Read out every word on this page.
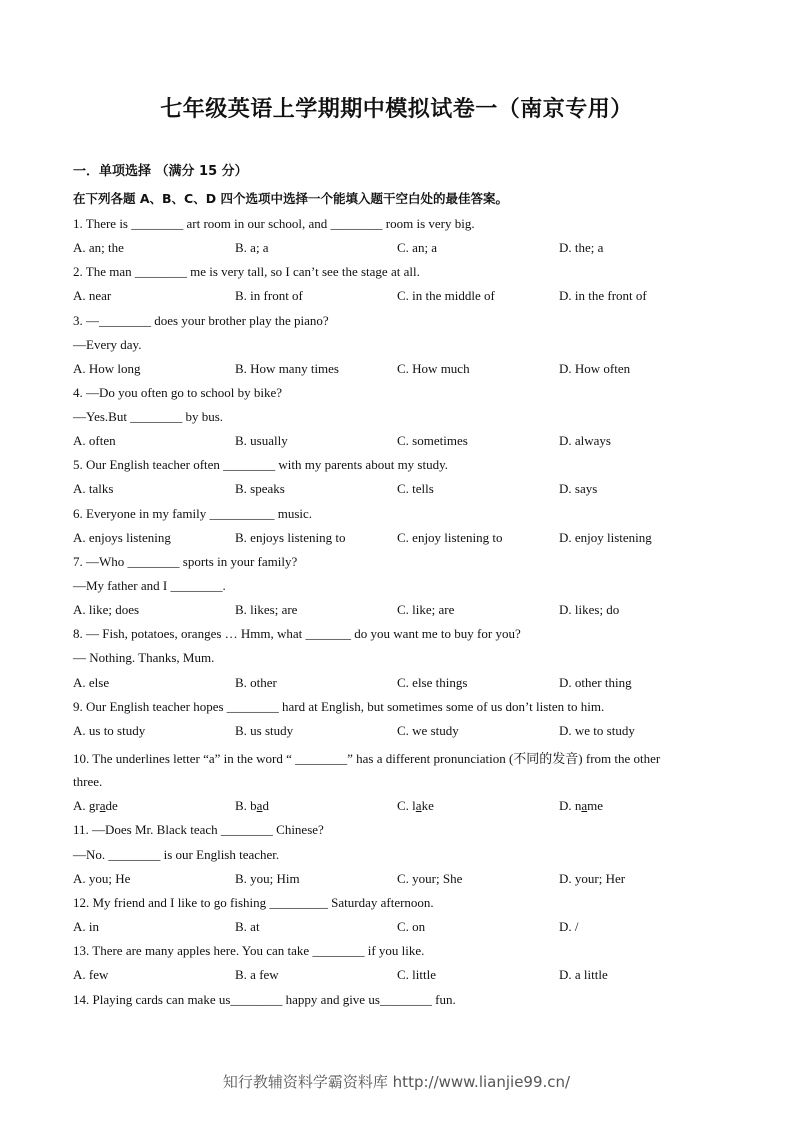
七年级英语上学期期中模拟试卷一（南京专用）
一．单项选择 （满分 15 分）
在下列各题 A、B、C、D 四个选项中选择一个能填入题干空白处的最佳答案。
1. There is ________ art room in our school, and ________ room is very big.
A. an; the	B. a; a	C. an; a	D. the; a
2. The man ________ me is very tall, so I can’t see the stage at all.
A. near	B. in front of	C. in the middle of	D. in the front of
3. —________ does your brother play the piano?
—Every day.
A. How long	B. How many times	C. How much	D. How often
4. —Do you often go to school by bike?
—Yes.But ________ by bus.
A. often	B. usually	C. sometimes	D. always
5. Our English teacher often ________ with my parents about my study.
A. talks	B. speaks	C. tells	D. says
6. Everyone in my family __________ music.
A. enjoys listening	B. enjoys listening to	C. enjoy listening to	D. enjoy listening
7. —Who ________ sports in your family?
—My father and I ________.
A. like; does	B. likes; are	C. like; are	D. likes; do
8. — Fish, potatoes, oranges … Hmm, what _______ do you want me to buy for you?
— Nothing. Thanks, Mum.
A. else	B. other	C. else things	D. other thing
9. Our English teacher hopes ________ hard at English, but sometimes some of us don’t listen to him.
A. us to study	B. us study	C. we study	D. we to study
10. The underlines letter “a” in the word “ ________” has a different pronunciation (不同的发音) from the other
three.
A. grade	B. bad	C. lake	D. name
11. —Does Mr. Black teach ________ Chinese?
—No. ________ is our English teacher.
A. you; He	B. you; Him	C. your; She	D. your; Her
12. My friend and I like to go fishing _________ Saturday afternoon.
A. in	B. at	C. on	D. /
13. There are many apples here. You can take ________ if you like.
A. few	B. a few	C. little	D. a little
14. Playing cards can make us________ happy and give us________ fun.
知行教辅资料学霸资料库 http://www.lianjie99.cn/
